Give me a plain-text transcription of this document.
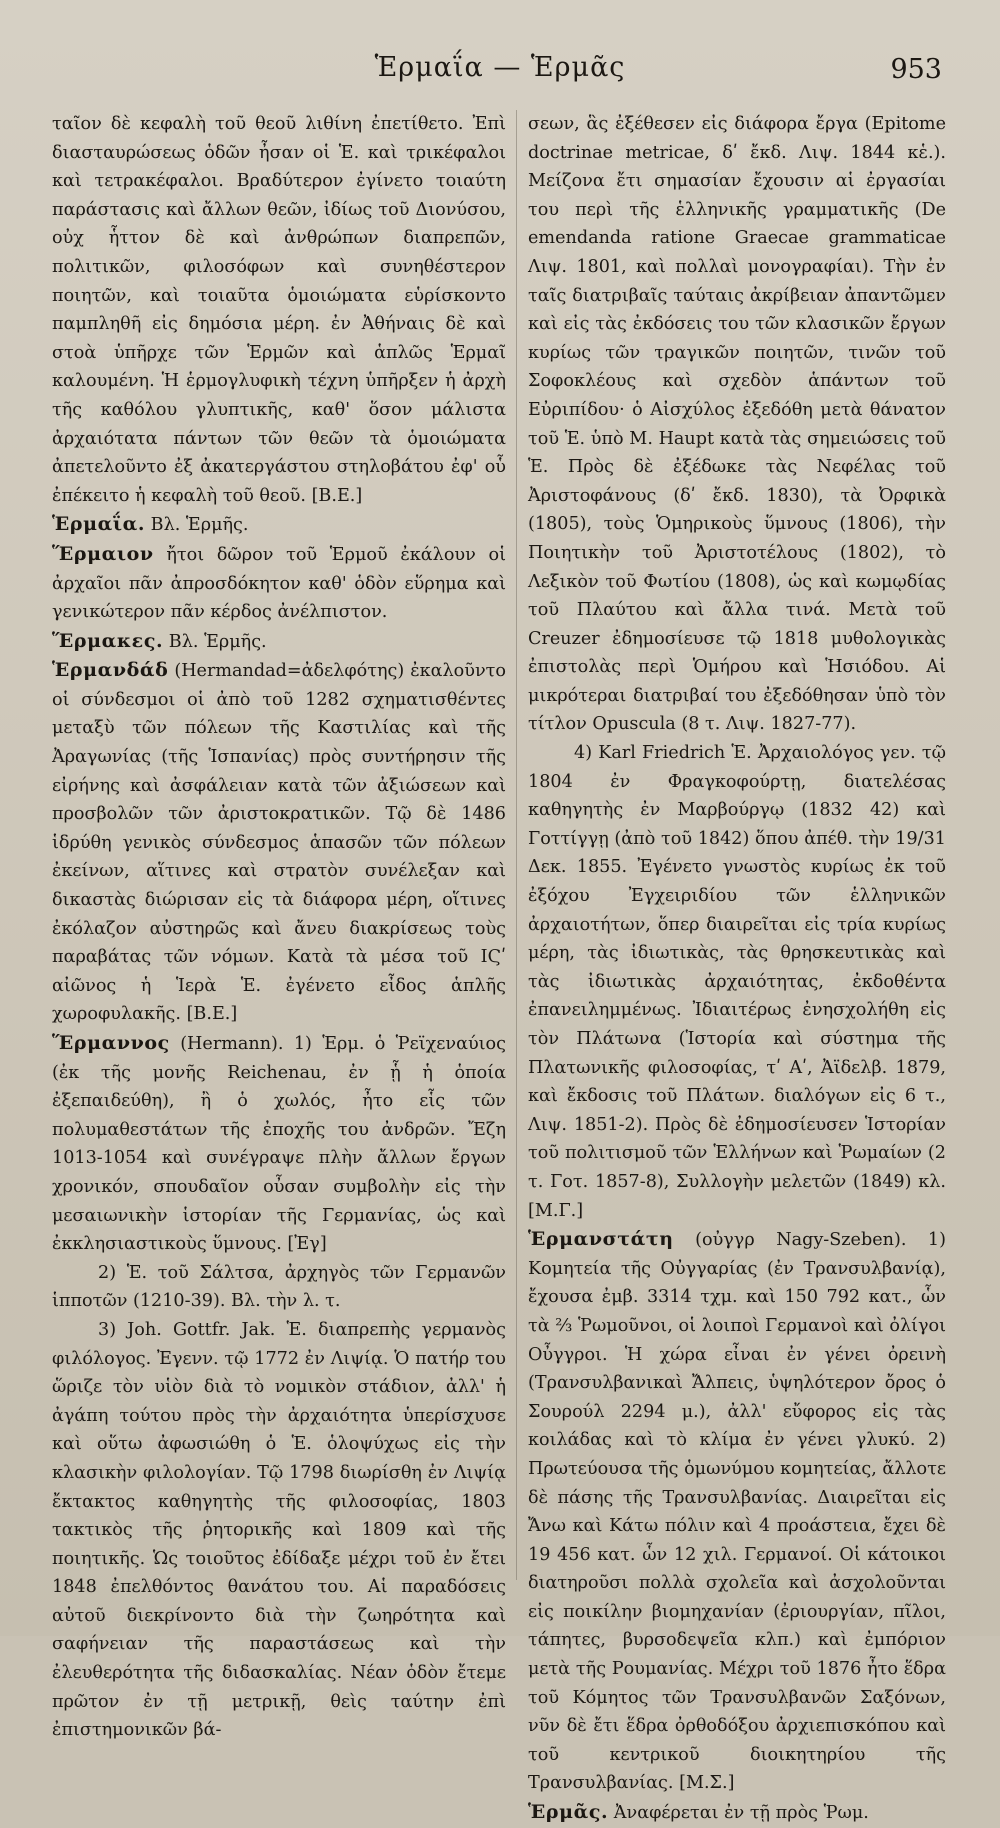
Ἑρμαΐα — Ἑρμᾶς	953

ταῖον δὲ κεφαλὴ τοῦ θεοῦ λιθίνη ἐπετίθετο. Ἐπὶ διασταυρώσεως ὁδῶν ἦσαν οἱ Ἑ. καὶ τρικέφαλοι καὶ τετρακέφαλοι. Βραδύτερον ἐγίνετο τοιαύτη παράστασις καὶ ἄλλων θεῶν, ἰδίως τοῦ Διονύσου, οὐχ ἧττον δὲ καὶ ἀνθρώπων διαπρεπῶν, πολιτικῶν, φιλοσόφων καὶ συνηθέστερον ποιητῶν, καὶ τοιαῦτα ὁμοιώματα εὑρίσκοντο παμπληθῆ εἰς δημόσια μέρη. ἐν Ἀθήναις δὲ καὶ στοὰ ὑπῆρχε τῶν Ἑρμῶν καὶ ἁπλῶς Ἑρμαῖ καλουμένη. Ἡ ἑρμογλυφικὴ τέχνη ὑπῆρξεν ἡ ἀρχὴ τῆς καθόλου γλυπτικῆς, καθ' ὅσον μάλιστα ἀρχαιότατα πάντων τῶν θεῶν τὰ ὁμοιώματα ἀπετελοῦντο ἐξ ἀκατεργάστου στηλοβάτου ἐφ' οὗ ἐπέκειτο ἡ κεφαλὴ τοῦ θεοῦ. [Β.Ε.]

Ἑρμαΐα. Βλ. Ἑρμῆς.

Ἕρμαιον ἤτοι δῶρον τοῦ Ἑρμοῦ ἐκάλουν οἱ ἀρχαῖοι πᾶν ἀπροσδόκητον καθ' ὁδὸν εὕρημα καὶ γενικώτερον πᾶν κέρδος ἀνέλπιστον.

Ἕρμακες. Βλ. Ἑρμῆς.

Ἑρμανδάδ (Hermandad=ἀδελφότης) ἐκαλοῦντο οἱ σύνδεσμοι οἱ ἀπὸ τοῦ 1282 σχηματισθέντες μεταξὺ τῶν πόλεων τῆς Καστιλίας καὶ τῆς Ἀραγωνίας (τῆς Ἱσπανίας) πρὸς συντήρησιν τῆς εἰρήνης καὶ ἀσφάλειαν κατὰ τῶν ἀξιώσεων καὶ προσβολῶν τῶν ἀριστοκρατικῶν. Τῷ δὲ 1486 ἱδρύθη γενικὸς σύνδεσμος ἁπασῶν τῶν πόλεων ἐκείνων, αἵτινες καὶ στρατὸν συνέλεξαν καὶ δικαστὰς διώρισαν εἰς τὰ διάφορα μέρη, οἵτινες ἐκόλαζον αὐστηρῶς καὶ ἄνευ διακρίσεως τοὺς παραβάτας τῶν νόμων. Κατὰ τὰ μέσα τοῦ ΙϚʹ αἰῶνος ἡ Ἱερὰ Ἑ. ἐγένετο εἶδος ἁπλῆς χωροφυλακῆς. [Β.Ε.]

Ἕρμαννος (Hermann). 1) Ἑρμ. ὁ Ῥεϊχεναύιος (ἐκ τῆς μονῆς Reichenau, ἐν ᾗ ἡ ὁποία ἐξεπαιδεύθη), ἢ ὁ χωλός, ἦτο εἷς τῶν πολυμαθεστάτων τῆς ἐποχῆς του ἀνδρῶν. Ἔζη 1013-1054 καὶ συνέγραψε πλὴν ἄλλων ἔργων χρονικόν, σπουδαῖον οὖσαν συμβολὴν εἰς τὴν μεσαιωνικὴν ἱστορίαν τῆς Γερμανίας, ὡς καὶ ἐκκλησιαστικοὺς ὕμνους. [Ἐγ]

2) Ἑ. τοῦ Σάλτσα, ἀρχηγὸς τῶν Γερμανῶν ἱπποτῶν (1210-39). Βλ. τὴν λ. τ.

3) Joh. Gottfr. Jak. Ἑ. διαπρεπὴς γερμανὸς φιλόλογος. Ἐγενν. τῷ 1772 ἐν Λιψίᾳ. Ὁ πατήρ του ὥριζε τὸν υἱὸν διὰ τὸ νομικὸν στάδιον, ἀλλ' ἡ ἀγάπη τούτου πρὸς τὴν ἀρχαιότητα ὑπερίσχυσε καὶ οὕτω ἀφωσιώθη ὁ Ἑ. ὁλοψύχως εἰς τὴν κλασικὴν φιλολογίαν. Τῷ 1798 διωρίσθη ἐν Λιψίᾳ ἔκτακτος καθηγητὴς τῆς φιλοσοφίας, 1803 τακτικὸς τῆς ῥητορικῆς καὶ 1809 καὶ τῆς ποιητικῆς. Ὡς τοιοῦτος ἐδίδαξε μέχρι τοῦ ἐν ἔτει 1848 ἐπελθόντος θανάτου του. Αἱ παραδόσεις αὐτοῦ διεκρίνοντο διὰ τὴν ζωηρότητα καὶ σαφήνειαν τῆς παραστάσεως καὶ τὴν ἐλευθερότητα τῆς διδασκαλίας. Νέαν ὁδὸν ἔτεμε πρῶτον ἐν τῇ μετρικῇ, θεὶς ταύτην ἐπὶ ἐπιστημονικῶν βά-

σεων, ἃς ἐξέθεσεν εἰς διάφορα ἔργα (Epitome doctrinae metricae, δʹ ἔκδ. Λιψ. 1844 κἑ.). Μείζονα ἔτι σημασίαν ἔχουσιν αἱ ἐργασίαι του περὶ τῆς ἑλληνικῆς γραμματικῆς (De emendanda ratione Graecae grammaticae Λιψ. 1801, καὶ πολλαὶ μονογραφίαι). Τὴν ἐν ταῖς διατριβαῖς ταύταις ἀκρίβειαν ἀπαντῶμεν καὶ εἰς τὰς ἐκδόσεις του τῶν κλασικῶν ἔργων κυρίως τῶν τραγικῶν ποιητῶν, τινῶν τοῦ Σοφοκλέους καὶ σχεδὸν ἁπάντων τοῦ Εὐριπίδου· ὁ Αἰσχύλος ἐξεδόθη μετὰ θάνατον τοῦ Ἑ. ὑπὸ Μ. Haupt κατὰ τὰς σημειώσεις τοῦ Ἑ. Πρὸς δὲ ἐξέδωκε τὰς Νεφέλας τοῦ Ἀριστοφάνους (δʹ ἔκδ. 1830), τὰ Ὀρφικὰ (1805), τοὺς Ὁμηρικοὺς ὕμνους (1806), τὴν Ποιητικὴν τοῦ Ἀριστοτέλους (1802), τὸ Λεξικὸν τοῦ Φωτίου (1808), ὡς καὶ κωμῳδίας τοῦ Πλαύτου καὶ ἄλλα τινά. Μετὰ τοῦ Creuzer ἐδημοσίευσε τῷ 1818 μυθολογικὰς ἐπιστολὰς περὶ Ὁμήρου καὶ Ἡσιόδου. Αἱ μικρότεραι διατριβαί του ἐξεδόθησαν ὑπὸ τὸν τίτλον Opuscula (8 τ. Λιψ. 1827-77).

4) Karl Friedrich Ἑ. Ἀρχαιολόγος γεν. τῷ 1804 ἐν Φραγκοφούρτῃ, διατελέσας καθηγητὴς ἐν Μαρβούργῳ (1832 42) καὶ Γοττίγγῃ (ἀπὸ τοῦ 1842) ὅπου ἀπέθ. τὴν 19/31 Δεκ. 1855. Ἐγένετο γνωστὸς κυρίως ἐκ τοῦ ἐξόχου Ἐγχειριδίου τῶν ἑλληνικῶν ἀρχαιοτήτων, ὅπερ διαιρεῖται εἰς τρία κυρίως μέρη, τὰς ἰδιωτικὰς, τὰς θρησκευτικὰς καὶ τὰς ἰδιωτικὰς ἀρχαιότητας, ἐκδοθέντα ἐπανειλημμένως. Ἰδιαιτέρως ἐνησχολήθη εἰς τὸν Πλάτωνα (Ἱστορία καὶ σύστημα τῆς Πλατωνικῆς φιλοσοφίας, τʹ Αʹ, Ἀϊδελβ. 1879, καὶ ἔκδοσις τοῦ Πλάτων. διαλόγων εἰς 6 τ., Λιψ. 1851-2). Πρὸς δὲ ἐδημοσίευσεν Ἱστορίαν τοῦ πολιτισμοῦ τῶν Ἑλλήνων καὶ Ῥωμαίων (2 τ. Γοτ. 1857-8), Συλλογὴν μελετῶν (1849) κλ. [Μ.Γ.]

Ἑρμανστάτη (οὐγγρ Nagy-Szeben). 1) Κομητεία τῆς Οὐγγαρίας (ἐν Τρανσυλβανίᾳ), ἔχουσα ἐμβ. 3314 τχμ. καὶ 150 792 κατ., ὧν τὰ ⅔ Ῥωμοῦνοι, οἱ λοιποὶ Γερμανοὶ καὶ ὀλίγοι Οὖγγροι. Ἡ χώρα εἶναι ἐν γένει ὀρεινὴ (Τρανσυλβανικαὶ Ἄλπεις, ὑψηλότερον ὄρος ὁ Σουρούλ 2294 μ.), ἀλλ' εὔφορος εἰς τὰς κοιλάδας καὶ τὸ κλίμα ἐν γένει γλυκύ. 2) Πρωτεύουσα τῆς ὁμωνύμου κομητείας, ἄλλοτε δὲ πάσης τῆς Τρανσυλβανίας. Διαιρεῖται εἰς Ἄνω καὶ Κάτω πόλιν καὶ 4 προάστεια, ἔχει δὲ 19 456 κατ. ὧν 12 χιλ. Γερμανοί. Οἱ κάτοικοι διατηροῦσι πολλὰ σχολεῖα καὶ ἀσχολοῦνται εἰς ποικίλην βιομηχανίαν (ἐριουργίαν, πῖλοι, τάπητες, βυρσοδεψεῖα κλπ.) καὶ ἐμπόριον μετὰ τῆς Ρουμανίας. Μέχρι τοῦ 1876 ἦτο ἕδρα τοῦ Κόμητος τῶν Τρανσυλβανῶν Σαξόνων, νῦν δὲ ἔτι ἕδρα ὀρθοδόξου ἀρχιεπισκόπου καὶ τοῦ κεντρικοῦ διοικητηρίου τῆς Τρανσυλβανίας. [Μ.Σ.]

Ἑρμᾶς. Ἀναφέρεται ἐν τῇ πρὸς Ῥωμ.
